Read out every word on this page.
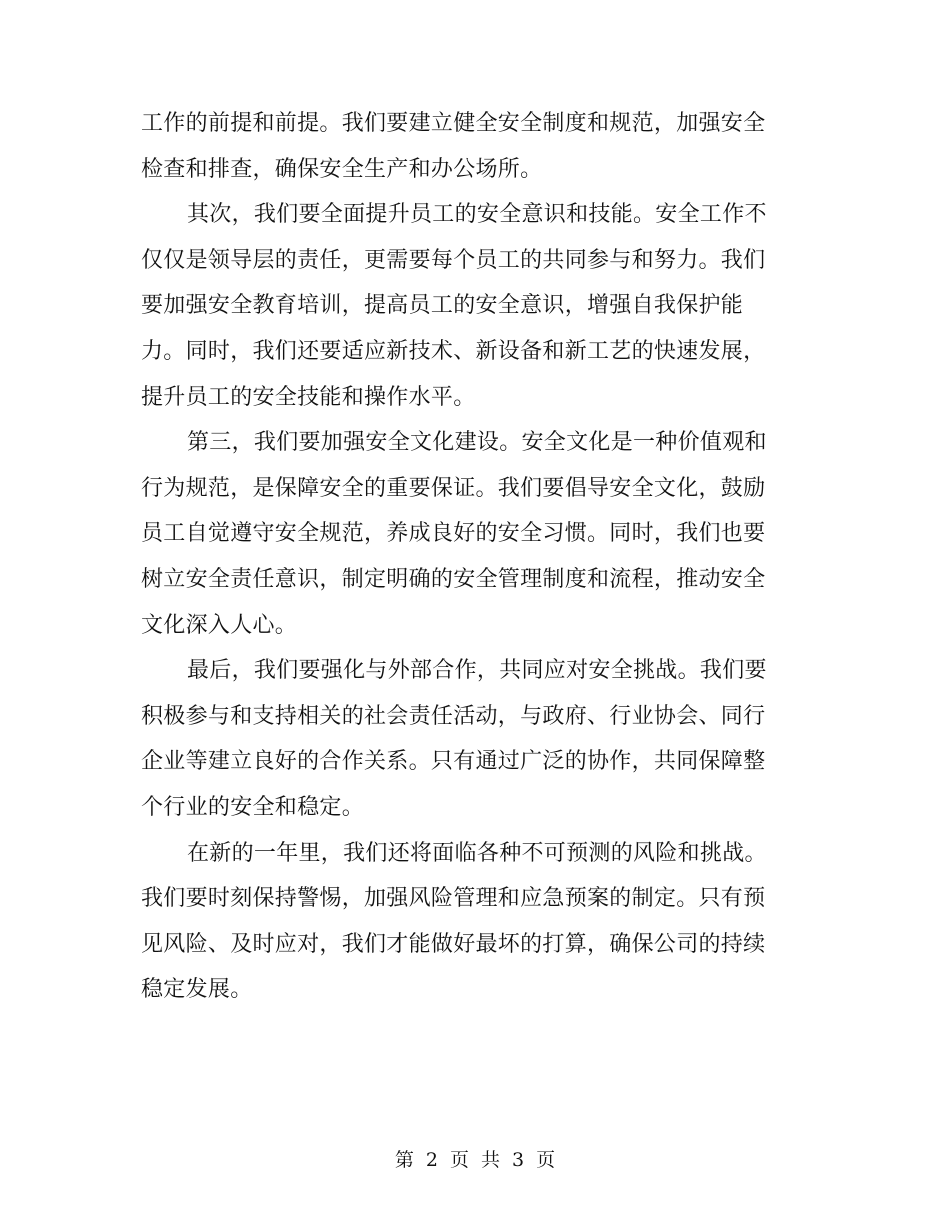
工作的前提和前提。我们要建立健全安全制度和规范，加强安全
检查和排查，确保安全生产和办公场所。
其次，我们要全面提升员工的安全意识和技能。安全工作不
仅仅是领导层的责任，更需要每个员工的共同参与和努力。我们
要加强安全教育培训，提高员工的安全意识，增强自我保护能
力。同时，我们还要适应新技术、新设备和新工艺的快速发展，
提升员工的安全技能和操作水平。
第三，我们要加强安全文化建设。安全文化是一种价值观和
行为规范，是保障安全的重要保证。我们要倡导安全文化，鼓励
员工自觉遵守安全规范，养成良好的安全习惯。同时，我们也要
树立安全责任意识，制定明确的安全管理制度和流程，推动安全
文化深入人心。
最后，我们要强化与外部合作，共同应对安全挑战。我们要
积极参与和支持相关的社会责任活动，与政府、行业协会、同行
企业等建立良好的合作关系。只有通过广泛的协作，共同保障整
个行业的安全和稳定。
在新的一年里，我们还将面临各种不可预测的风险和挑战。
我们要时刻保持警惕，加强风险管理和应急预案的制定。只有预
见风险、及时应对，我们才能做好最坏的打算，确保公司的持续
稳定发展。
第 2 页 共 3 页
